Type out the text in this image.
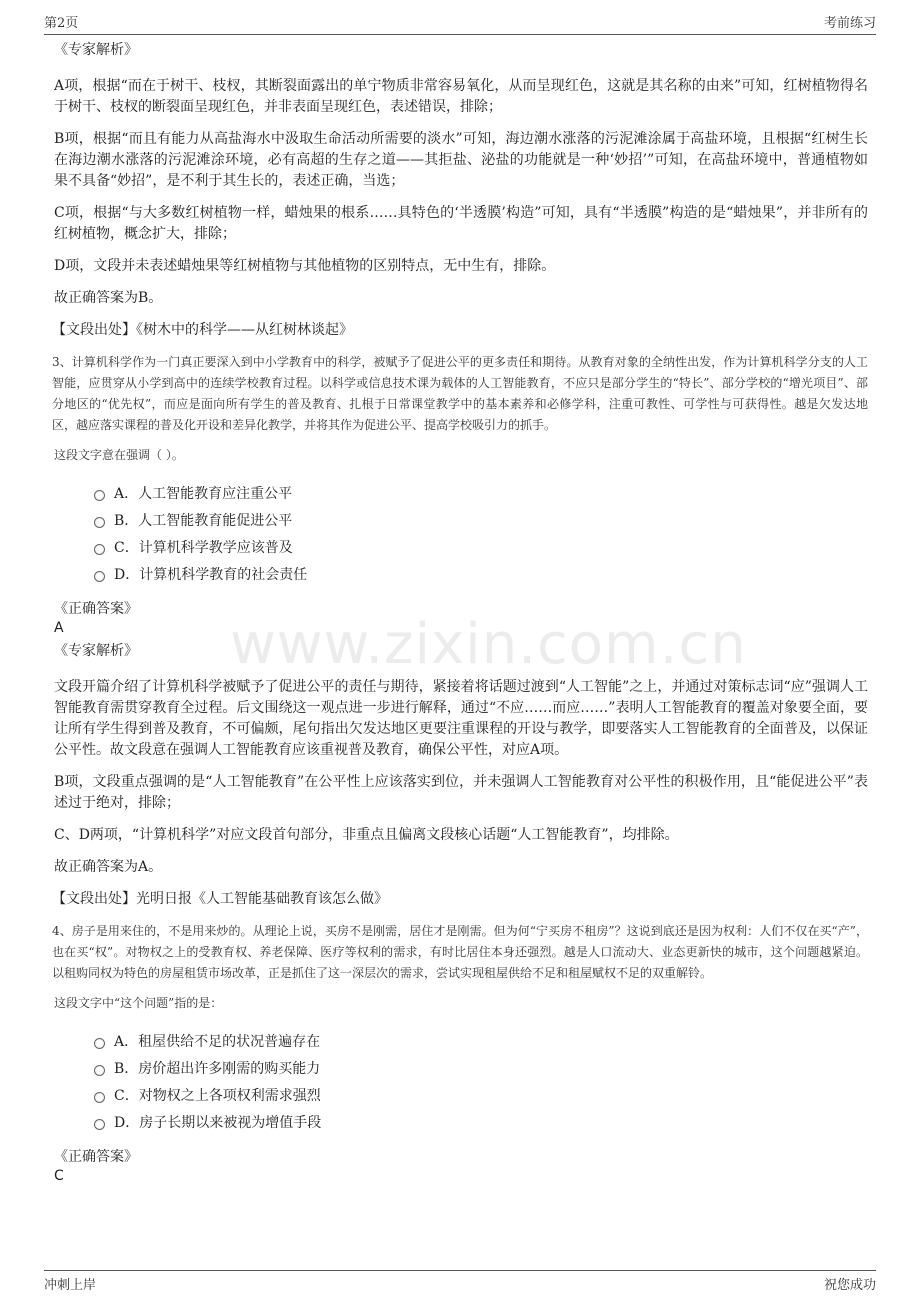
第2页	考前练习
www.zixin.com.cn
《专家解析》

A项，根据“而在于树干、枝杈，其断裂面露出的单宁物质非常容易氧化，从而呈现红色，这就是其名称的由来”可知，红树植物得名于树干、枝杈的断裂面呈现红色，并非表面呈现红色，表述错误，排除；

B项，根据“而且有能力从高盐海水中汲取生命活动所需要的淡水”可知，海边潮水涨落的污泥滩涂属于高盐环境，且根据“红树生长在海边潮水涨落的污泥滩涂环境，必有高超的生存之道——其拒盐、泌盐的功能就是一种‘妙招’”可知，在高盐环境中，普通植物如果不具备“妙招”，是不利于其生长的，表述正确，当选；

C项，根据“与大多数红树植物一样，蜡烛果的根系……具特色的‘半透膜’构造”可知，具有“半透膜”构造的是“蜡烛果”，并非所有的红树植物，概念扩大，排除；

D项，文段并未表述蜡烛果等红树植物与其他植物的区别特点，无中生有，排除。

故正确答案为B。

【文段出处】《树木中的科学——从红树林谈起》

3、计算机科学作为一门真正要深入到中小学教育中的科学，被赋予了促进公平的更多责任和期待。从教育对象的全纳性出发，作为计算机科学分支的人工智能，应贯穿从小学到高中的连续学校教育过程。以科学或信息技术课为载体的人工智能教育，不应只是部分学生的“特长”、部分学校的“增光项目”、部分地区的“优先权”，而应是面向所有学生的普及教育、扎根于日常课堂教学中的基本素养和必修学科，注重可教性、可学性与可获得性。越是欠发达地区，越应落实课程的普及化开设和差异化教学，并将其作为促进公平、提高学校吸引力的抓手。

这段文字意在强调（ ）。
A．人工智能教育应注重公平
B．人工智能教育能促进公平
C．计算机科学教学应该普及
D．计算机科学教育的社会责任
《正确答案》
A
《专家解析》

文段开篇介绍了计算机科学被赋予了促进公平的责任与期待，紧接着将话题过渡到“人工智能”之上，并通过对策标志词“应”强调人工智能教育需贯穿教育全过程。后文围绕这一观点进一步进行解释，通过“不应……而应……”表明人工智能教育的覆盖对象要全面，要让所有学生得到普及教育，不可偏颇，尾句指出欠发达地区更要注重课程的开设与教学，即要落实人工智能教育的全面普及，以保证公平性。故文段意在强调人工智能教育应该重视普及教育，确保公平性，对应A项。

B项，文段重点强调的是“人工智能教育”在公平性上应该落实到位，并未强调人工智能教育对公平性的积极作用，且“能促进公平”表述过于绝对，排除；

C、D两项，“计算机科学”对应文段首句部分，非重点且偏离文段核心话题“人工智能教育”，均排除。

故正确答案为A。

【文段出处】光明日报《人工智能基础教育该怎么做》

4、房子是用来住的，不是用来炒的。从理论上说，买房不是刚需，居住才是刚需。但为何“宁买房不租房”？这说到底还是因为权利：人们不仅在买“产”，也在买“权”。对物权之上的受教育权、养老保障、医疗等权利的需求，有时比居住本身还强烈。越是人口流动大、业态更新快的城市，这个问题越紧迫。以租购同权为特色的房屋租赁市场改革，正是抓住了这一深层次的需求，尝试实现租屋供给不足和租屋赋权不足的双重解铃。

这段文字中“这个问题”指的是：
A．租屋供给不足的状况普遍存在
B．房价超出许多刚需的购买能力
C．对物权之上各项权利需求强烈
D．房子长期以来被视为增值手段
《正确答案》
C
冲刺上岸	祝您成功
